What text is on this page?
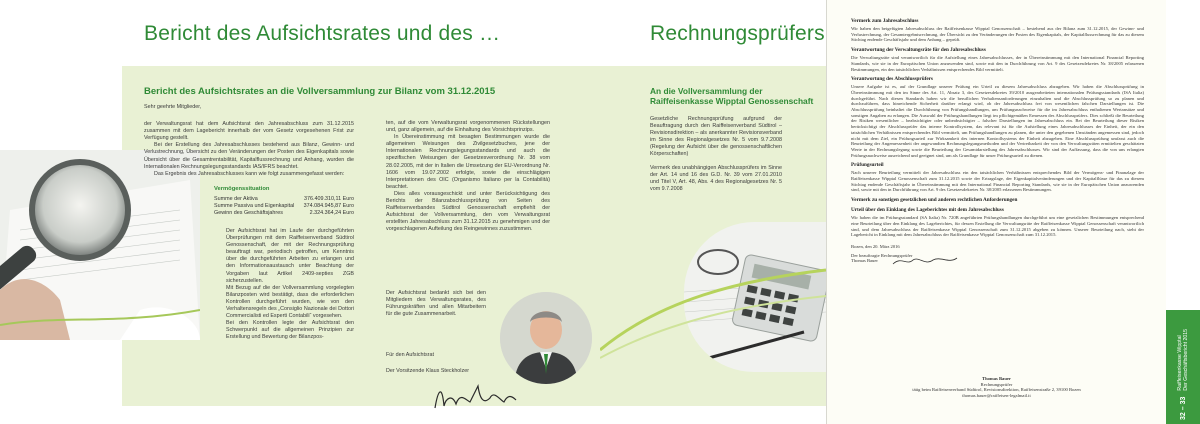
Bericht des Aufsichtsrates und des …
Bericht des Aufsichtsrates an die Vollversammlung zur Bilanz vom 31.12.2015

Sehr geehrte Mitglieder,

der Verwaltungsrat hat dem Aufsichtsrat den Jahresabschluss zum 31.12.2015 zusammen mit dem Lagebericht innerhalb der vom Gesetz vorgesehenen Frist zur Verfügung gestellt.

Bei der Erstellung des Jahresabschlusses bestehend aus Bilanz, Gewinn- und Verlustrechnung, Übersicht zu den Veränderungen der Posten des Eigenkapitals sowie Übersicht über die Gesamtrentabilität, Kapitalflussrechnung und Anhang, wurden die Internationalen Rechnungslegungsstandards IAS/IFRS beachtet.

Das Ergebnis des Jahresabschlusses kann wie folgt zusammengefasst werden:

Vermögenssituation
Summe der Aktiva	376.409.310,11 Euro
Summe Passiva und Eigenkapital 374.084.945,87 Euro
Gewinn des Geschäftsjahres	2.324.364,24 Euro

Der Aufsichtsrat hat im Laufe der durchgeführten Überprüfungen mit dem Raiffeisenverband Südtirol Genossenschaft, der mit der Rechnungsprüfung beauftragt war, periodisch getroffen, um Kenntnis über die durchgeführten Arbeiten zu erlangen und den Informationsaustausch unter Beachtung der Vorgaben laut Artikel 2409-septies ZGB sicherzustellen.

Mit Bezug auf die der Vollversammlung vorgelegten Bilanzposten wird bestätigt, dass die erforderlichen Kontrollen durchgeführt wurden, wie von den Verhaltensregeln des „Consiglio Nazionale dei Dottori Commercialisti ed Esperti Contabili“ vorgesehen.

Bei den Kontrollen legte der Aufsichtsrat den Schwerpunkt auf die allgemeinen Prinzipien zur Erstellung und Bewertung der Bilanzpos-

ten, auf die vom Verwaltungsrat vorgenommenen Rückstellungen und, ganz allgemein, auf die Einhaltung des Vorsichtsprinzips.

In Übereinstimmung mit besagten Bestimmungen wurde die allgemeinen Weisungen des Zivilgesetzbuches, jene der Internationalen Rechnungslegungsstandards und auch die spezifischen Weisungen der Gesetzesverordnung Nr. 38 vom 28.02.2005, mit der in Italien die Umsetzung der EU-Verordnung Nr. 1606 vom 19.07.2002 erfolgte, sowie die einschlägigen Interpretationen des OIC (Organismo Italiano per la Contabilità) beachtet.

Dies alles vorausgeschickt und unter Berücksichtigung des Berichts der Bilanzabschlussprüfung von Seiten des Raiffeisenverbandes Südtirol Genossenschaft empfiehlt der Aufsichtsrat der Vollversammlung, den vom Verwaltungsrat erstellten Jahresabschluss zum 31.12.2015 zu genehmigen und der vorgeschlagenen Aufteilung des Reingewinnes zuzustimmen.

Der Aufsichtsrat bedankt sich bei den Mitgliedern des Verwaltungsrates, des Führungskräften und allen Mitarbeitern für die gute Zusammenarbeit.

Für den Aufsichtsrat

Der Vorsitzende Klaus Steckholzer

Rechnungsprüfers
An die Vollversammlung der
Raiffeisenkasse Wipptal Genossenschaft

Gesetzliche Rechnungsprüfung aufgrund der Beauftragung durch den Raiffeisenverband Südtirol – Revisionsdirektion – als anerkannter Revisionsverband im Sinne des Regionalgesetzes Nr. 5 vom 9.7.2008 (Regelung der Aufsicht über die genossenschaftlichen Körperschaften)

Vermerk des unabhängigen Abschlussprüfers im Sinne der Art. 14 und 16 des G.D. Nr. 39 vom 27.01.2010 und Titel V, Art. 48, Abs. 4 des Regionalgesetzes Nr. 5 vom 9.7.2008

Vermerk zum Jahresabschluss

Wir haben den beigefügten Jahresabschluss der Raiffeisenkasse Wipptal Genossenschaft – bestehend aus der Bilanz zum 31.12.2015, der Gewinn- und Verlustrechnung, der Gesamtergebnisrechnung, der Übersicht zu den Veränderungen der Posten des Eigenkapitals, der Kapitalflussrechnung für das zu diesem Stichtag endende Geschäftsjahr und dem Anhang – geprüft.

Verantwortung der Verwaltungsräte für den Jahresabschluss

Die Verwaltungsräte sind verantwortlich für die Aufstellung eines Jahresabschlusses, der in Übereinstimmung mit den International Financial Reporting Standards, wie sie in der Europäischen Union anzuwenden sind, sowie mit den in Durchführung von Art. 9 des Gesetzesdekretes Nr. 38/2005 erlassenen Bestimmungen, ein den tatsächlichen Verhältnissen entsprechendes Bild vermittelt.

Verantwortung des Abschlussprüfers

Unsere Aufgabe ist es, auf der Grundlage unserer Prüfung ein Urteil zu diesem Jahresabschluss abzugeben. Wir haben die Abschlussprüfung in Übereinstimmung mit den im Sinne des Art. 11, Absatz 3, des Gesetzesdekretes 39/2010 ausgearbeiteten internationalen Prüfungsstandards (ISA Italia) durchgeführt. Nach diesen Standards haben wir die beruflichen Verhaltensanforderungen einzuhalten und die Abschlussprüfung so zu planen und durchzuführen, dass hinreichende Sicherheit darüber erlangt wird, ob der Jahresabschluss frei von wesentlichen falschen Darstellungen ist. Die Abschlussprüfung beinhaltet die Durchführung von Prüfungshandlungen, um Prüfungsnachweise für die im Jahresabschluss enthaltenen Wertansätze und sonstigen Angaben zu erlangen. Die Auswahl der Prüfungshandlungen liegt im pflichtgemäßen Ermessen des Abschlussprüfers. Dies schließt die Beurteilung der Risiken wesentlicher – beabsichtigter oder unbeabsichtigter – falscher Darstellungen im Jahresabschluss ein. Bei der Beurteilung dieser Risiken berücksichtigt der Abschlussprüfer das interne Kontrollsystem, das relevant ist für die Aufstellung eines Jahresabschlusses der Einheit, der ein den tatsächlichen Verhältnissen entsprechendes Bild vermittelt, um Prüfungshandlungen zu planen, die unter den gegebenen Umständen angemessen sind, jedoch nicht mit dem Ziel, ein Prüfungsurteil zur Wirksamkeit des internen Kontrollsystems der Einheit abzugeben. Eine Abschlussprüfung umfasst auch die Beurteilung der Angemessenheit der angewandten Rechnungslegungsmethoden und der Vertretbarkeit der von den Verwaltungsräten ermittelten geschätzten Werte in der Rechnungslegung sowie die Beurteilung der Gesamtdarstellung des Jahresabschlusses. Wir sind der Auffassung, dass die von uns erlangten Prüfungsnachweise ausreichend und geeignet sind, um als Grundlage für unser Prüfungsurteil zu dienen.

Prüfungsurteil

Nach unserer Beurteilung vermittelt der Jahresabschluss ein den tatsächlichen Verhältnissen entsprechendes Bild der Vermögens- und Finanzlage der Raiffeisenkasse Wipptal Genossenschaft zum 31.12.2015 sowie der Ertragslage, der Eigenkapitalveränderungen und der Kapitalflüsse für das zu diesem Stichtag endende Geschäftsjahr in Übereinstimmung mit den International Financial Reporting Standards, wie sie in der Europäischen Union anzuwenden sind, sowie mit den in Durchführung von Art. 9 des Gesetzesdekretes Nr. 38/2005 erlassenen Bestimmungen.

Vermerk zu sonstigen gesetzlichen und anderen rechtlichen Anforderungen
Urteil über den Einklang des Lageberichtes mit dem Jahresabschluss

Wir haben die im Prüfungsstandard (SA Italia) Nr. 720B angeführten Prüfungshandlungen durchgeführt um eine gesetzlichen Bestimmungen entsprechend eine Beurteilung über den Einklang des Lageberichtes, für dessen Erstellung die Verwaltungsräte der Raiffeisenkasse Wipptal Genossenschaft verantwortlich sind, und dem Jahresabschluss der Raiffeisenkasse Wipptal Genossenschaft zum 31.12.2015 abgeben zu können. Unserer Beurteilung nach, steht der Lagebericht in Einklang mit dem Jahresabschluss der Raiffeisenkasse Wipptal Genossenschaft zum 31.12.2015.

Bozen, den 20. März 2016

Der beauftragte Rechnungsprüfer

Thomas Bauer

Thomas Bauer

Rechnungsprüfer

tätig beim Raiffeisenverband Südtirol, Revisionsdirektion, Raiffeisenstraße 2, 39100 Bozen

thomas.bauer@raiffeisen-legalmail.it

32 – 33
Raiffeisenkasse Wipptal Der Geschäftsbericht 2015
